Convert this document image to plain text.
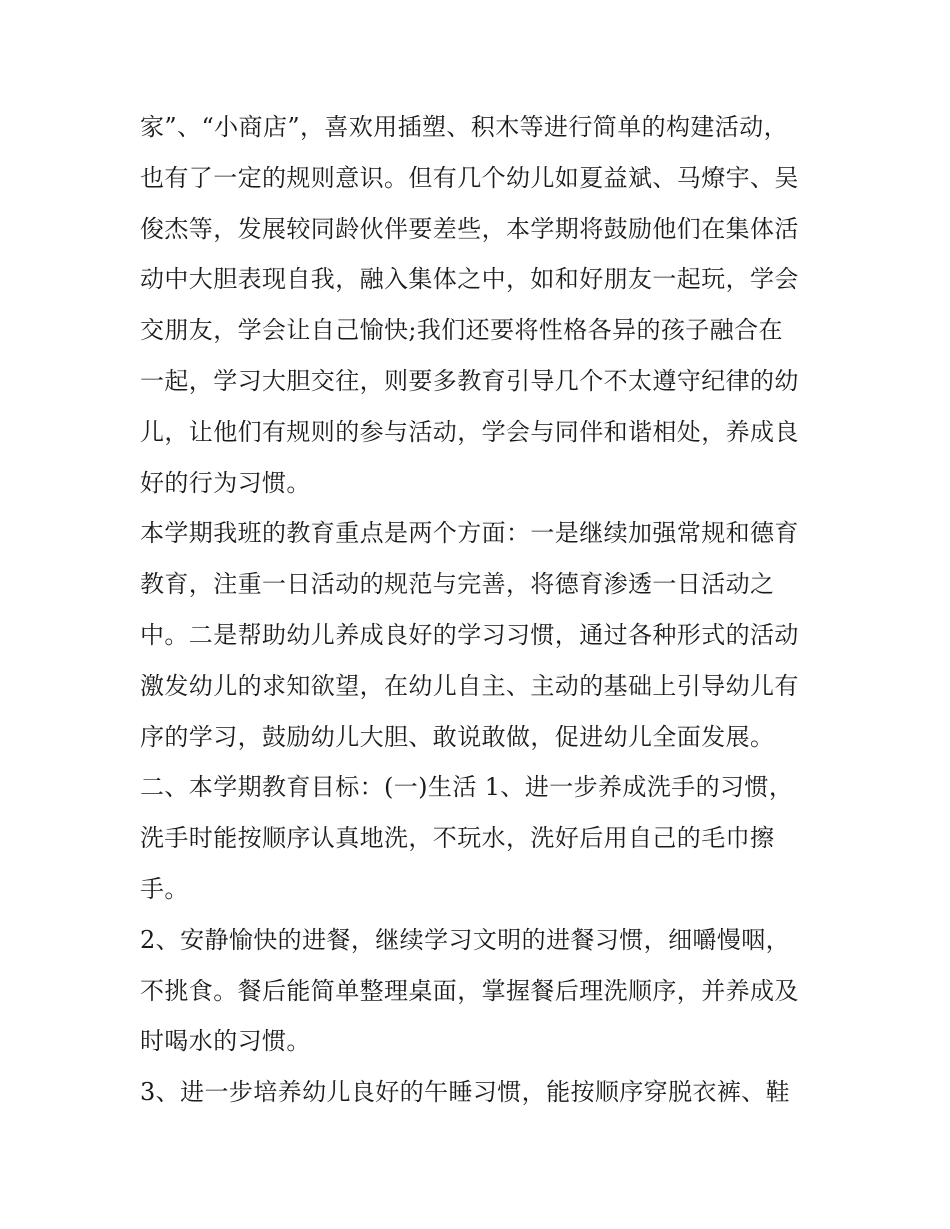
家”、“小商店”，喜欢用插塑、积木等进行简单的构建活动，
也有了一定的规则意识。但有几个幼儿如夏益斌、马燎宇、吴
俊杰等，发展较同龄伙伴要差些，本学期将鼓励他们在集体活
动中大胆表现自我，融入集体之中，如和好朋友一起玩，学会
交朋友，学会让自己愉快;我们还要将性格各异的孩子融合在
一起，学习大胆交往，则要多教育引导几个不太遵守纪律的幼
儿，让他们有规则的参与活动，学会与同伴和谐相处，养成良
好的行为习惯。
本学期我班的教育重点是两个方面：一是继续加强常规和德育
教育，注重一日活动的规范与完善，将德育渗透一日活动之
中。二是帮助幼儿养成良好的学习习惯，通过各种形式的活动
激发幼儿的求知欲望，在幼儿自主、主动的基础上引导幼儿有
序的学习，鼓励幼儿大胆、敢说敢做，促进幼儿全面发展。
二、本学期教育目标：(一)生活 1、进一步养成洗手的习惯，
洗手时能按顺序认真地洗，不玩水，洗好后用自己的毛巾擦
手。
2、安静愉快的进餐，继续学习文明的进餐习惯，细嚼慢咽，
不挑食。餐后能简单整理桌面，掌握餐后理洗顺序，并养成及
时喝水的习惯。
3、进一步培养幼儿良好的午睡习惯，能按顺序穿脱衣裤、鞋
